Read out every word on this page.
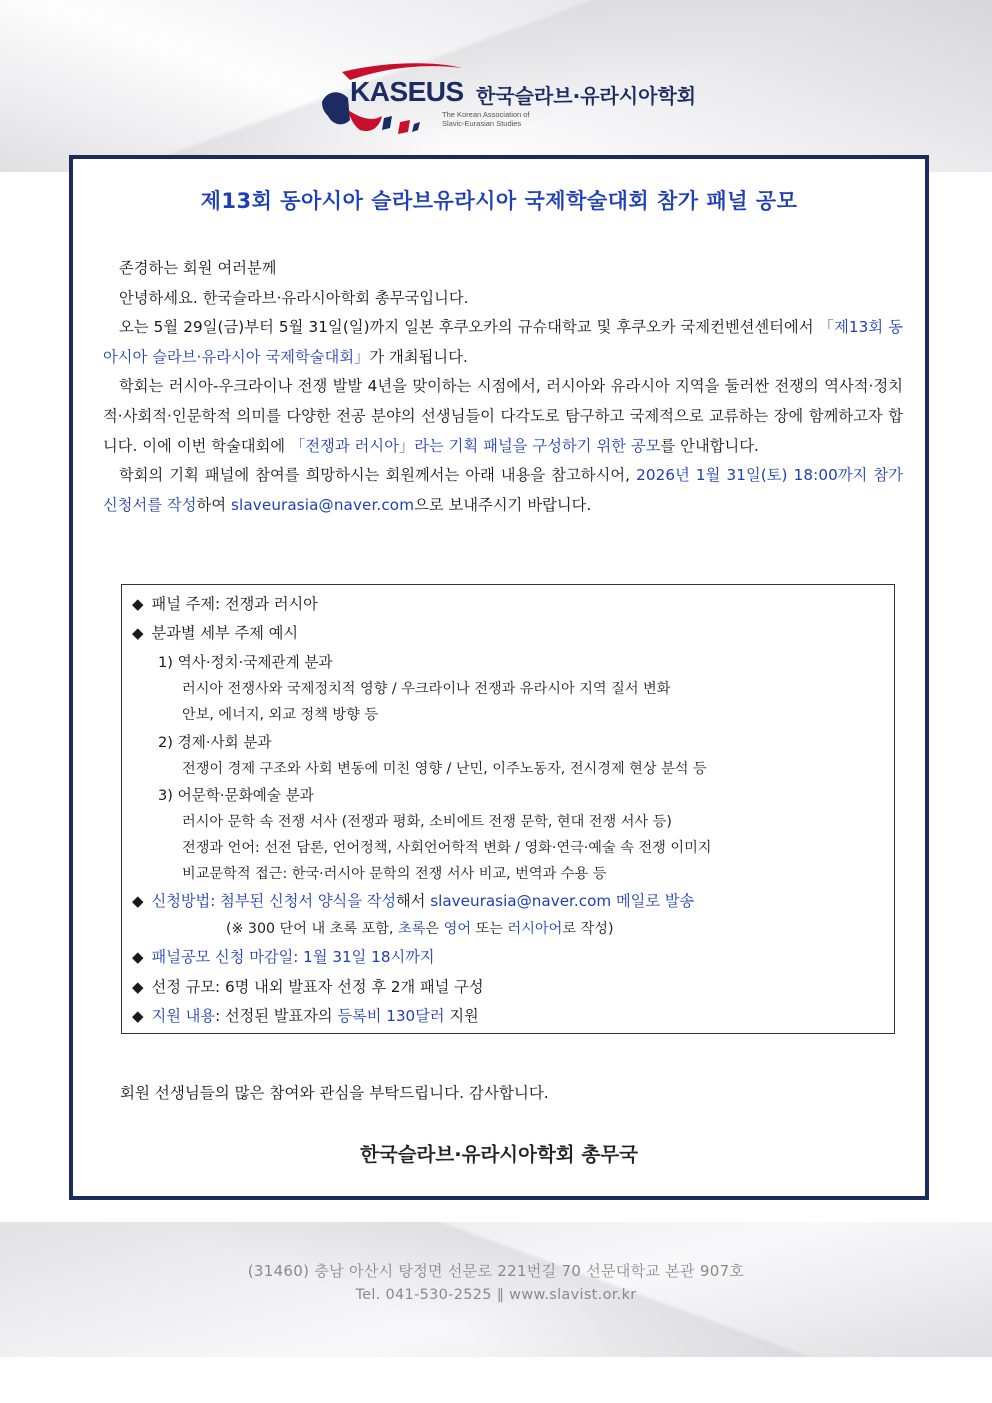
KASEUS 한국슬라브·유라시아학회
The Korean Association of
Slavic-Eurasian Studies
제13회 동아시아 슬라브유라시아 국제학술대회 참가 패널 공모

존경하는 회원 여러분께

안녕하세요. 한국슬라브·유라시아학회 총무국입니다.

오는 5월 29일(금)부터 5월 31일(일)까지 일본 후쿠오카의 규슈대학교 및 후쿠오카 국제컨벤션센터에서 「제13회 동아시아 슬라브·유라시아 국제학술대회」가 개최됩니다.

학회는 러시아-우크라이나 전쟁 발발 4년을 맞이하는 시점에서, 러시아와 유라시아 지역을 둘러싼 전쟁의 역사적·정치적·사회적·인문학적 의미를 다양한 전공 분야의 선생님들이 다각도로 탐구하고 국제적으로 교류하는 장에 함께하고자 합니다. 이에 이번 학술대회에 「전쟁과 러시아」라는 기획 패널을 구성하기 위한 공모를 안내합니다.

학회의 기획 패널에 참여를 희망하시는 회원께서는 아래 내용을 참고하시어, 2026년 1월 31일(토) 18:00까지 참가신청서를 작성하여 slaveurasia@naver.com으로 보내주시기 바랍니다.

◆ 패널 주제: 전쟁과 러시아
◆ 분과별 세부 주제 예시
1) 역사·정치·국제관계 분과
러시아 전쟁사와 국제정치적 영향 / 우크라이나 전쟁과 유라시아 지역 질서 변화
안보, 에너지, 외교 정책 방향 등
2) 경제·사회 분과
전쟁이 경제 구조와 사회 변동에 미친 영향 / 난민, 이주노동자, 전시경제 현상 분석 등
3) 어문학·문화예술 분과
러시아 문학 속 전쟁 서사 (전쟁과 평화, 소비에트 전쟁 문학, 현대 전쟁 서사 등)
전쟁과 언어: 선전 담론, 언어정책, 사회언어학적 변화 / 영화·연극·예술 속 전쟁 이미지
비교문학적 접근: 한국·러시아 문학의 전쟁 서사 비교, 번역과 수용 등
◆ 신청방법: 첨부된 신청서 양식을 작성해서 slaveurasia@naver.com 메일로 발송
(※ 300 단어 내 초록 포함, 초록은 영어 또는 러시아어로 작성)
◆ 패널공모 신청 마감일: 1월 31일 18시까지
◆ 선정 규모: 6명 내외 발표자 선정 후 2개 패널 구성
◆ 지원 내용: 선정된 발표자의 등록비 130달러 지원
회원 선생님들의 많은 참여와 관심을 부탁드립니다. 감사합니다.
한국슬라브·유라시아학회 총무국
(31460) 충남 아산시 탕정면 선문로 221번길 70 선문대학교 본관 907호
Tel. 041-530-2525 ‖ www.slavist.or.kr
